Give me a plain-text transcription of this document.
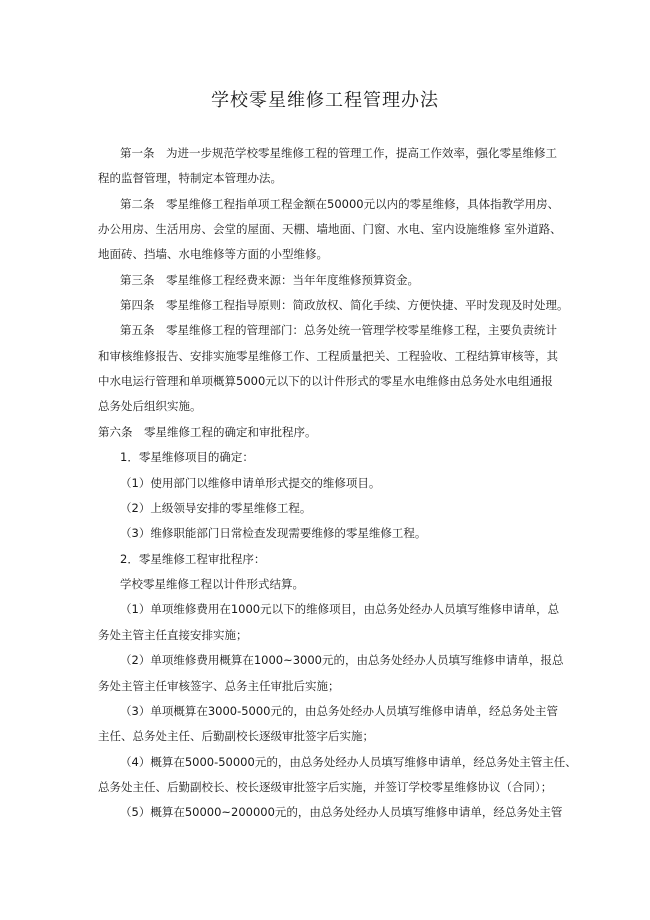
学校零星维修工程管理办法
第一条　为进一步规范学校零星维修工程的管理工作，提高工作效率，强化零星维修工
程的监督管理，特制定本管理办法。
第二条　零星维修工程指单项工程金额在50000元以内的零星维修，具体指教学用房、
办公用房、生活用房、会堂的屋面、天棚、墙地面、门窗、水电、室内设施维修 室外道路、
地面砖、挡墙、水电维修等方面的小型维修。
第三条　零星维修工程经费来源：当年年度维修预算资金。
第四条　零星维修工程指导原则：简政放权、简化手续、方便快捷、平时发现及时处理。
第五条　零星维修工程的管理部门：总务处统一管理学校零星维修工程，主要负责统计
和审核维修报告、安排实施零星维修工作、工程质量把关、工程验收、工程结算审核等，其
中水电运行管理和单项概算5000元以下的以计件形式的零星水电维修由总务处水电组通报
总务处后组织实施。
第六条　零星维修工程的确定和审批程序。
1．零星维修项目的确定：
（1）使用部门以维修申请单形式提交的维修项目。
（2）上级领导安排的零星维修工程。
（3）维修职能部门日常检查发现需要维修的零星维修工程。
2．零星维修工程审批程序：
学校零星维修工程以计件形式结算。
（1）单项维修费用在1000元以下的维修项目，由总务处经办人员填写维修申请单，总
务处主管主任直接安排实施；
（2）单项维修费用概算在1000~3000元的，由总务处经办人员填写维修申请单，报总
务处主管主任审核签字、总务主任审批后实施；
（3）单项概算在3000-5000元的，由总务处经办人员填写维修申请单，经总务处主管
主任、总务处主任、后勤副校长逐级审批签字后实施；
（4）概算在5000-50000元的，由总务处经办人员填写维修申请单，经总务处主管主任、
总务处主任、后勤副校长、校长逐级审批签字后实施，并签订学校零星维修协议（合同）；
（5）概算在50000~200000元的，由总务处经办人员填写维修申请单，经总务处主管
